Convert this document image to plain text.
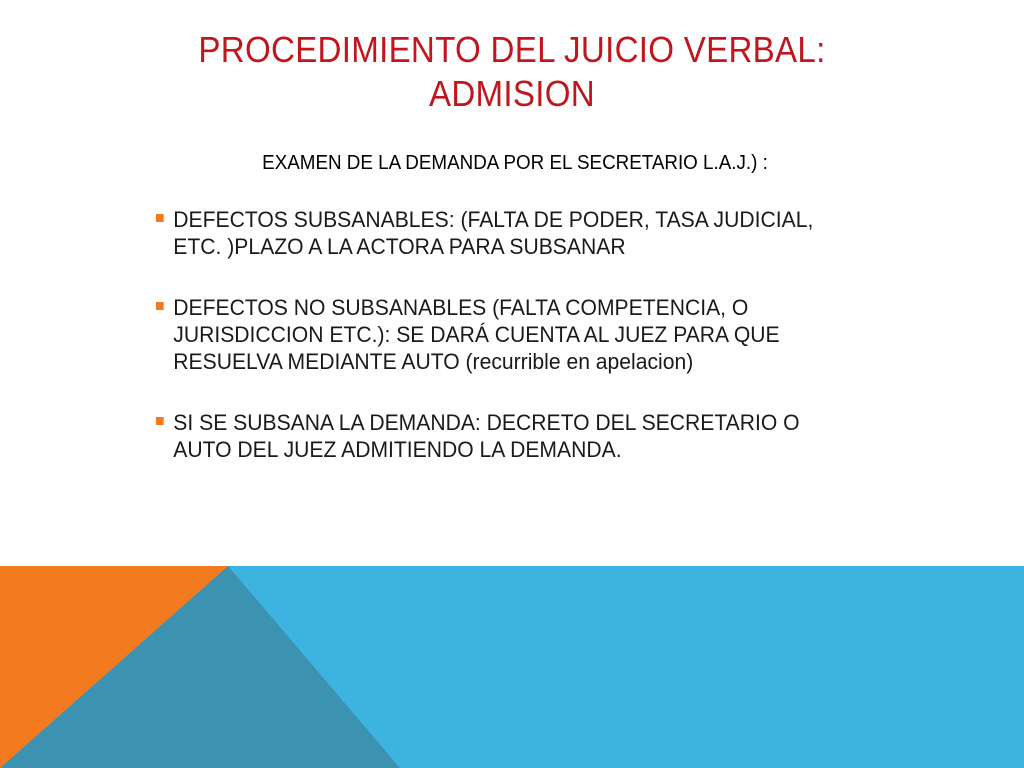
PROCEDIMIENTO DEL JUICIO VERBAL:
ADMISION
EXAMEN DE LA DEMANDA POR EL SECRETARIO L.A.J.) :
DEFECTOS SUBSANABLES: (FALTA DE PODER, TASA JUDICIAL,
ETC. )PLAZO A LA ACTORA PARA SUBSANAR
DEFECTOS NO SUBSANABLES (FALTA COMPETENCIA, O
JURISDICCION ETC.): SE DARÁ CUENTA AL JUEZ PARA QUE
RESUELVA MEDIANTE AUTO (recurrible en apelacion)
SI SE SUBSANA LA DEMANDA: DECRETO DEL SECRETARIO O
AUTO DEL JUEZ ADMITIENDO LA DEMANDA.
